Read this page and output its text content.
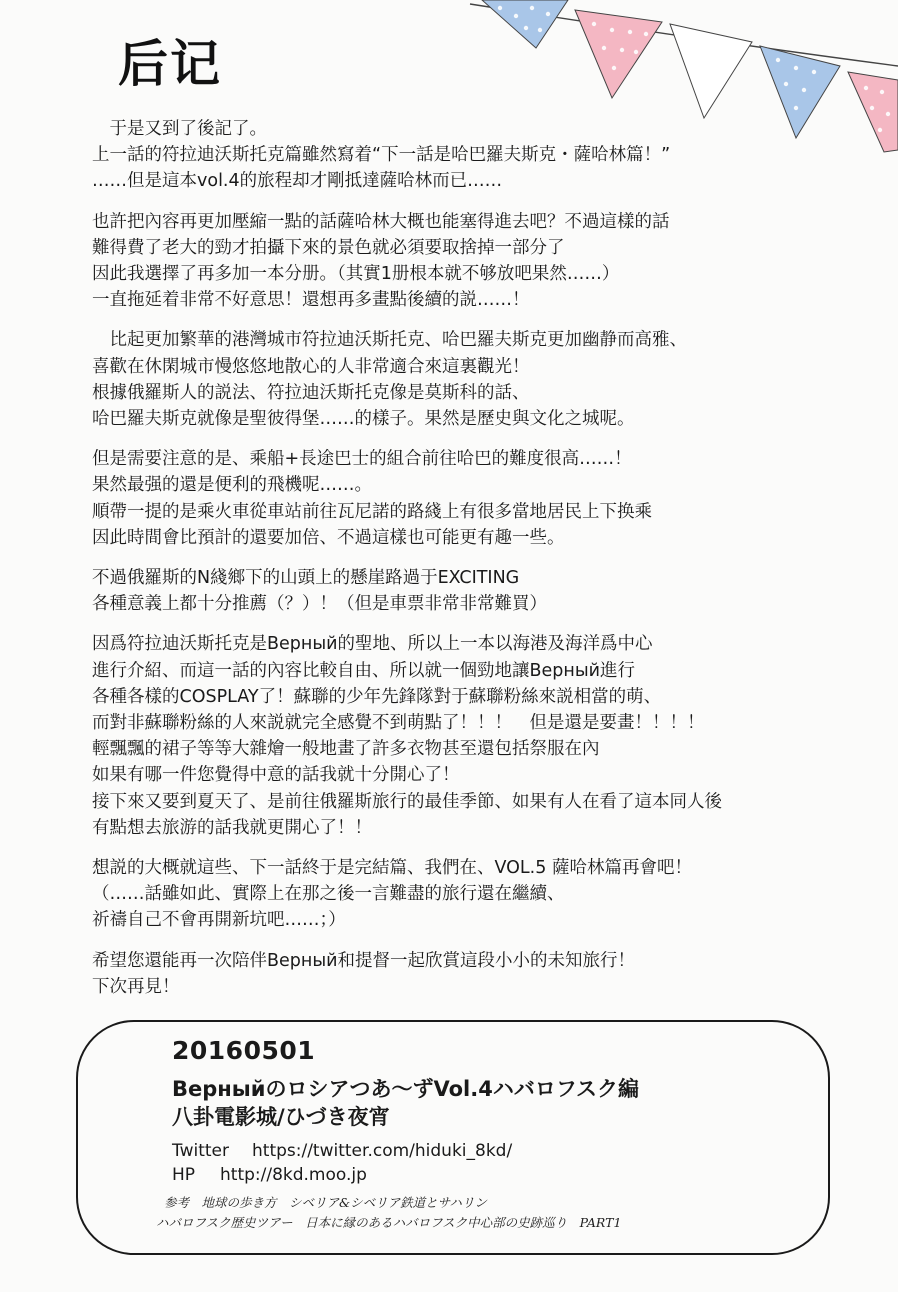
后记
　于是又到了後記了。
上一話的符拉迪沃斯托克篇雖然寫着“下一話是哈巴羅夫斯克・薩哈林篇！”
……但是這本vol.4的旅程却才剛抵達薩哈林而已……
也許把內容再更加壓縮一點的話薩哈林大概也能塞得進去吧？不過這樣的話
難得費了老大的勁才拍攝下來的景色就必須要取捨掉一部分了
因此我選擇了再多加一本分册。（其實1册根本就不够放吧果然……）
一直拖延着非常不好意思！還想再多畫點後續的説……！
　比起更加繁華的港灣城市符拉迪沃斯托克、哈巴羅夫斯克更加幽静而高雅、
喜歡在休閑城市慢悠悠地散心的人非常適合來這裏觀光！
根據俄羅斯人的説法、符拉迪沃斯托克像是莫斯科的話、
哈巴羅夫斯克就像是聖彼得堡……的樣子。果然是歷史與文化之城呢。
但是需要注意的是、乘船+長途巴士的組合前往哈巴的難度很高……！
果然最强的還是便利的飛機呢……。
順帶一提的是乘火車從車站前往瓦尼諾的路綫上有很多當地居民上下换乘
因此時間會比預計的還要加倍、不過這樣也可能更有趣一些。
不過俄羅斯的N綫鄉下的山頭上的懸崖路過于EXCITING
各種意義上都十分推薦（？）！（但是車票非常非常難買）
因爲符拉迪沃斯托克是Верный的聖地、所以上一本以海港及海洋爲中心
進行介紹、而這一話的內容比較自由、所以就一個勁地讓Верный進行
各種各樣的COSPLAY了！蘇聯的少年先鋒隊對于蘇聯粉絲來説相當的萌、
而對非蘇聯粉絲的人來説就完全感覺不到萌點了！！！　但是還是要畫！！！！
輕飄飄的裙子等等大雜燴一般地畫了許多衣物甚至還包括祭服在內
如果有哪一件您覺得中意的話我就十分開心了！
接下來又要到夏天了、是前往俄羅斯旅行的最佳季節、如果有人在看了這本同人後
有點想去旅游的話我就更開心了！！
想説的大概就這些、下一話終于是完結篇、我們在、VOL.5 薩哈林篇再會吧！
（……話雖如此、實際上在那之後一言難盡的旅行還在繼續、
祈禱自己不會再開新坑吧……；）
希望您還能再一次陪伴Верный和提督一起欣賞這段小小的未知旅行！
下次再見！
20160501
Верныйのロシアつあ～ずVol.4ハバロフスク編
八卦電影城/ひづき夜宵
Twitter https://twitter.com/hiduki_8kd/
HP http://8kd.moo.jp
参考　地球の歩き方　シベリア&シベリア鉄道とサハリン
ハバロフスク歴史ツアー　日本に縁のあるハバロフスク中心部の史跡巡り　PART1
